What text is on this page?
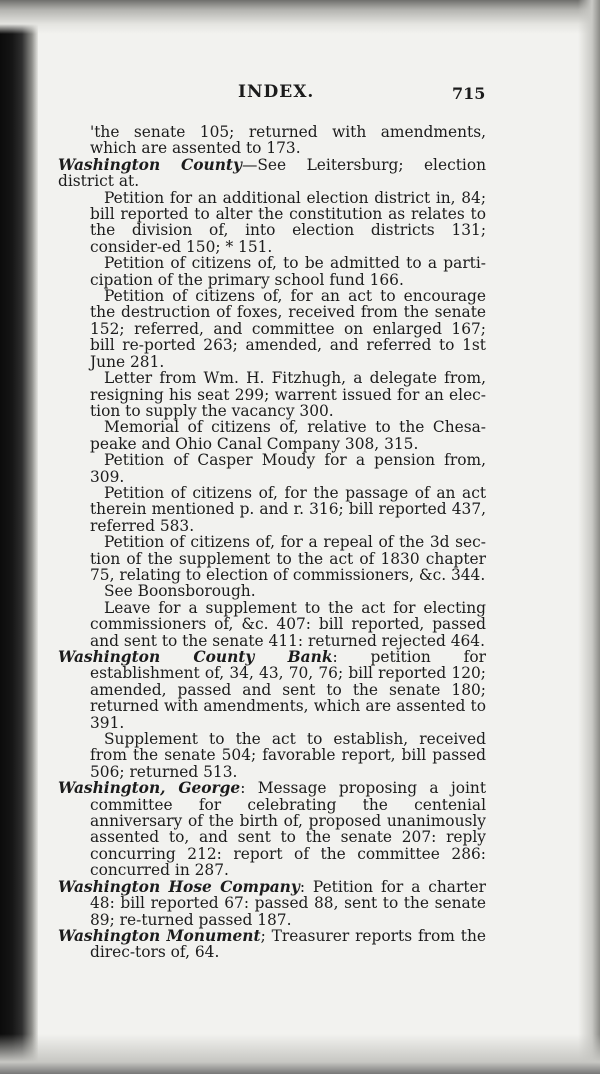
INDEX.	715

'the senate 105; returned with amendments, which are assented to 173.

Washington County—See Leitersburg; election district at.

Petition for an additional election district in, 84; bill reported to alter the constitution as relates to the division of, into election districts 131; consider-ed 150; * 151.

Petition of citizens of, to be admitted to a parti-cipation of the primary school fund 166.

Petition of citizens of, for an act to encourage the destruction of foxes, received from the senate 152; referred, and committee on enlarged 167; bill re-ported 263; amended, and referred to 1st June 281.

Letter from Wm. H. Fitzhugh, a delegate from, resigning his seat 299; warrent issued for an elec-tion to supply the vacancy 300.

Memorial of citizens of, relative to the Chesa-peake and Ohio Canal Company 308, 315.

Petition of Casper Moudy for a pension from, 309.

Petition of citizens of, for the passage of an act therein mentioned p. and r. 316; bill reported 437, referred 583.

Petition of citizens of, for a repeal of the 3d sec-tion of the supplement to the act of 1830 chapter 75, relating to election of commissioners, &c. 344.

See Boonsborough.

Leave for a supplement to the act for electing commissioners of, &c. 407: bill reported, passed and sent to the senate 411: returned rejected 464.

Washington County Bank: petition for establishment of, 34, 43, 70, 76; bill reported 120; amended, passed and sent to the senate 180; returned with amendments, which are assented to 391.

Supplement to the act to establish, received from the senate 504; favorable report, bill passed 506; returned 513.

Washington, George: Message proposing a joint committee for celebrating the centenial anniversary of the birth of, proposed unanimously assented to, and sent to the senate 207: reply concurring 212: report of the committee 286: concurred in 287.

Washington Hose Company: Petition for a charter 48: bill reported 67: passed 88, sent to the senate 89; re-turned passed 187.

Washington Monument; Treasurer reports from the direc-tors of, 64.
